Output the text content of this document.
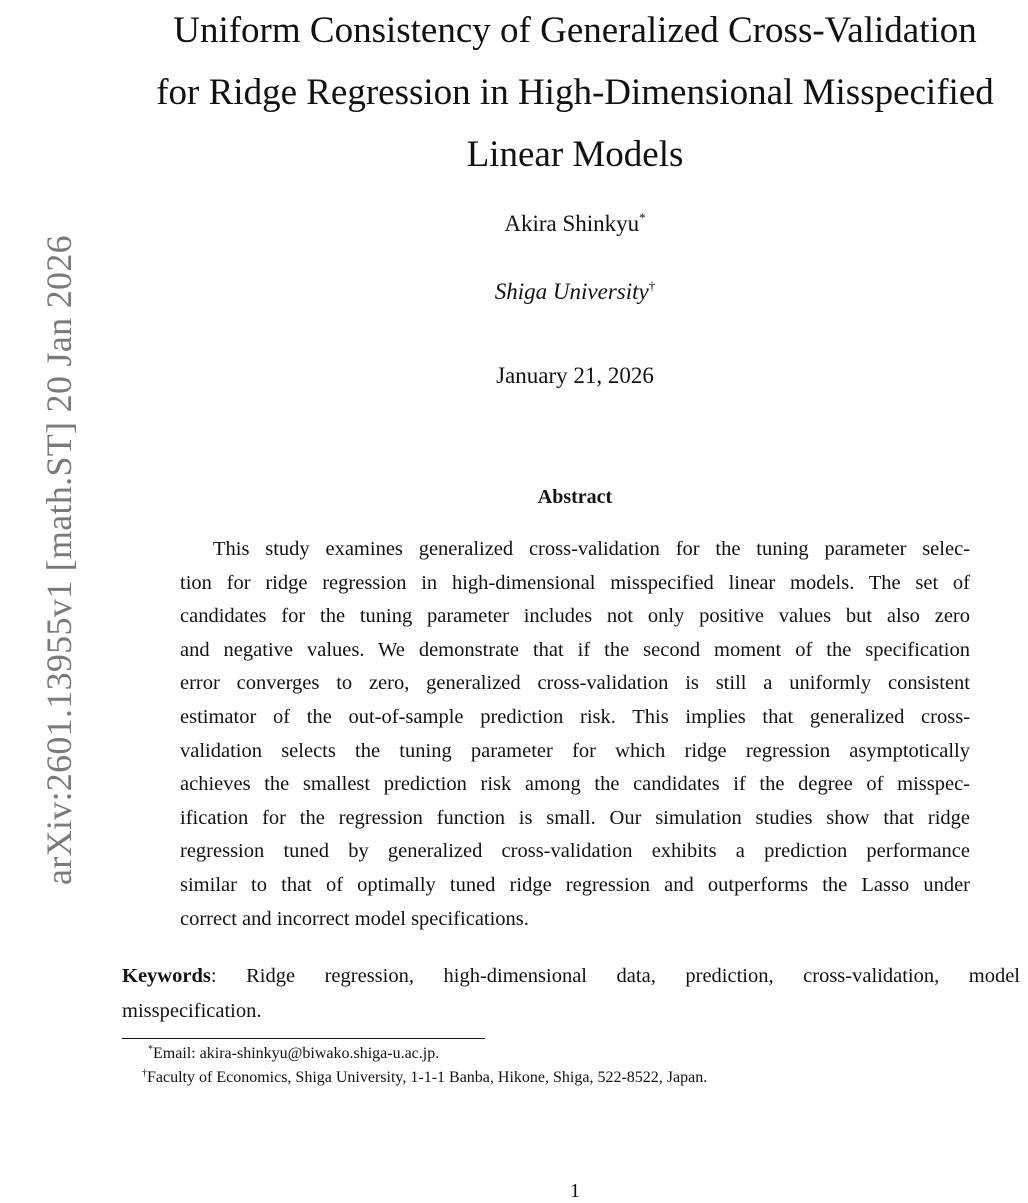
arXiv:2601.13955v1 [math.ST] 20 Jan 2026
Uniform Consistency of Generalized Cross-Validation
for Ridge Regression in High-Dimensional Misspecified
Linear Models
Akira Shinkyu*
Shiga University†
January 21, 2026
Abstract
This study examines generalized cross-validation for the tuning parameter selec-
tion for ridge regression in high-dimensional misspecified linear models. The set of
candidates for the tuning parameter includes not only positive values but also zero
and negative values. We demonstrate that if the second moment of the specification
error converges to zero, generalized cross-validation is still a uniformly consistent
estimator of the out-of-sample prediction risk. This implies that generalized cross-
validation selects the tuning parameter for which ridge regression asymptotically
achieves the smallest prediction risk among the candidates if the degree of misspec-
ification for the regression function is small. Our simulation studies show that ridge
regression tuned by generalized cross-validation exhibits a prediction performance
similar to that of optimally tuned ridge regression and outperforms the Lasso under
correct and incorrect model specifications.
Keywords: Ridge regression, high-dimensional data, prediction, cross-validation, model
misspecification.
*Email: akira-shinkyu@biwako.shiga-u.ac.jp.
†Faculty of Economics, Shiga University, 1-1-1 Banba, Hikone, Shiga, 522-8522, Japan.
1
